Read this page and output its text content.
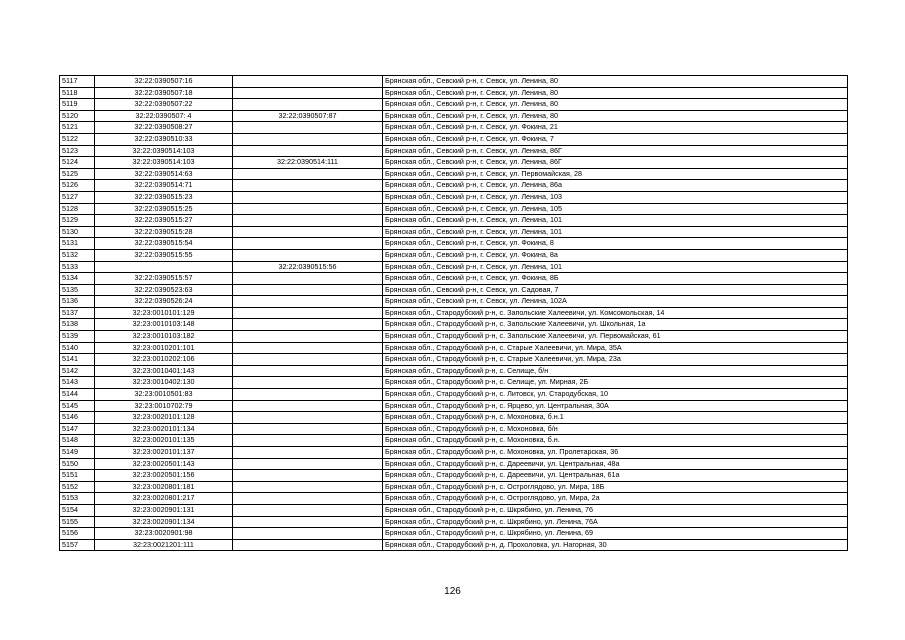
5117	32:22:0390507:16		Брянская обл., Севский р-н, г. Севск, ул. Ленина, 80
5118	32:22:0390507:18		Брянская обл., Севский р-н, г. Севск, ул. Ленина, 80
5119	32:22:0390507:22		Брянская обл., Севский р-н, г. Севск, ул. Ленина, 80
5120	32:22:0390507: 4	32:22:0390507:87	Брянская обл., Севский р-н, г. Севск, ул. Ленина, 80
5121	32:22:0390508:27		Брянская обл., Севский р-н, г. Севск, ул. Фокина, 21
5122	32:22:0390510:33		Брянская обл., Севский р-н, г. Севск, ул. Фокина, 7
5123	32:22:0390514:103		Брянская обл., Севский р-н, г. Севск, ул. Ленина, 86Г
5124	32:22:0390514:103	32:22:0390514:111	Брянская обл., Севский р-н, г. Севск, ул. Ленина, 86Г
5125	32:22:0390514:63		Брянская обл., Севский р-н, г. Севск, ул. Первомайская, 28
5126	32:22:0390514:71		Брянская обл., Севский р-н, г. Севск, ул. Ленина, 86а
5127	32:22:0390515:23		Брянская обл., Севский р-н, г. Севск, ул. Ленина, 103
5128	32:22:0390515:25		Брянская обл., Севский р-н, г. Севск, ул. Ленина, 105
5129	32:22:0390515:27		Брянская обл., Севский р-н, г. Севск, ул. Ленина, 101
5130	32:22:0390515:28		Брянская обл., Севский р-н, г. Севск, ул. Ленина, 101
5131	32:22:0390515:54		Брянская обл., Севский р-н, г. Севск, ул. Фокина, 8
5132	32:22:0390515:55		Брянская обл., Севский р-н, г. Севск, ул. Фокина, 8а
5133		32:22:0390515:56	Брянская обл., Севский р-н, г. Севск, ул. Ленина, 101
5134	32:22:0390515:57		Брянская обл., Севский р-н, г. Севск, ул. Фокина, 8Б
5135	32:22:0390523:63		Брянская обл., Севский р-н, г. Севск, ул. Садовая, 7
5136	32:22:0390526:24		Брянская обл., Севский р-н, г. Севск, ул. Ленина, 102А
5137	32:23:0010101:129		Брянская обл., Стародубский р-н, с. Запольские Халеевичи, ул. Комсомольская, 14
5138	32:23:0010103:148		Брянская обл., Стародубский р-н, с. Запольские Халеевичи, ул. Школьная, 1а
5139	32:23:0010103:182		Брянская обл., Стародубский р-н, с. Запольские Халеевичи, ул. Первомайская, 61
5140	32:23:0010201:101		Брянская обл., Стародубский р-н, с. Старые Халеевичи, ул. Мира, 35А
5141	32:23:0010202:106		Брянская обл., Стародубский р-н, с. Старые Халеевичи, ул. Мира, 23а
5142	32:23:0010401:143		Брянская обл., Стародубский р-н, с. Селище, б/н
5143	32:23:0010402:130		Брянская обл., Стародубский р-н, с. Селище, ул. Мирная, 2Б
5144	32:23:0010501:83		Брянская обл., Стародубский р-н, с. Литовск, ул. Стародубская, 10
5145	32:23:0010702:79		Брянская обл., Стародубский р-н, с. Ярцево, ул. Центральная, 30А
5146	32:23:0020101:128		Брянская обл., Стародубский р-н, с. Мохоновка, б.н.1
5147	32:23:0020101:134		Брянская обл., Стародубский р-н, с. Мохоновка, б/н
5148	32:23:0020101:135		Брянская обл., Стародубский р-н, с. Мохоновка, б.н.
5149	32:23:0020101:137		Брянская обл., Стародубский р-н, с. Мохоновка, ул. Пролетарская, 36
5150	32:23:0020501:143		Брянская обл., Стародубский р-н, с. Дареевичи, ул. Центральная, 48а
5151	32:23:0020501:156		Брянская обл., Стародубский р-н, с. Дареевичи, ул. Центральная, 61а
5152	32:23:0020801:181		Брянская обл., Стародубский р-н, с. Остроглядово, ул. Мира, 18Б
5153	32:23:0020801:217		Брянская обл., Стародубский р-н, с. Остроглядово, ул. Мира, 2а
5154	32:23:0020901:131		Брянская обл., Стародубский р-н, с. Шкрябино, ул. Ленина, 76
5155	32:23:0020901:134		Брянская обл., Стародубский р-н, с. Шкрябино, ул. Ленина, 76А
5156	32:23:0020901:98		Брянская обл., Стародубский р-н, с. Шкрябино, ул. Ленина, 69
5157	32:23:0021201:111		Брянская обл., Стародубский р-н, д. Прохоловка, ул. Нагорная, 30
126
